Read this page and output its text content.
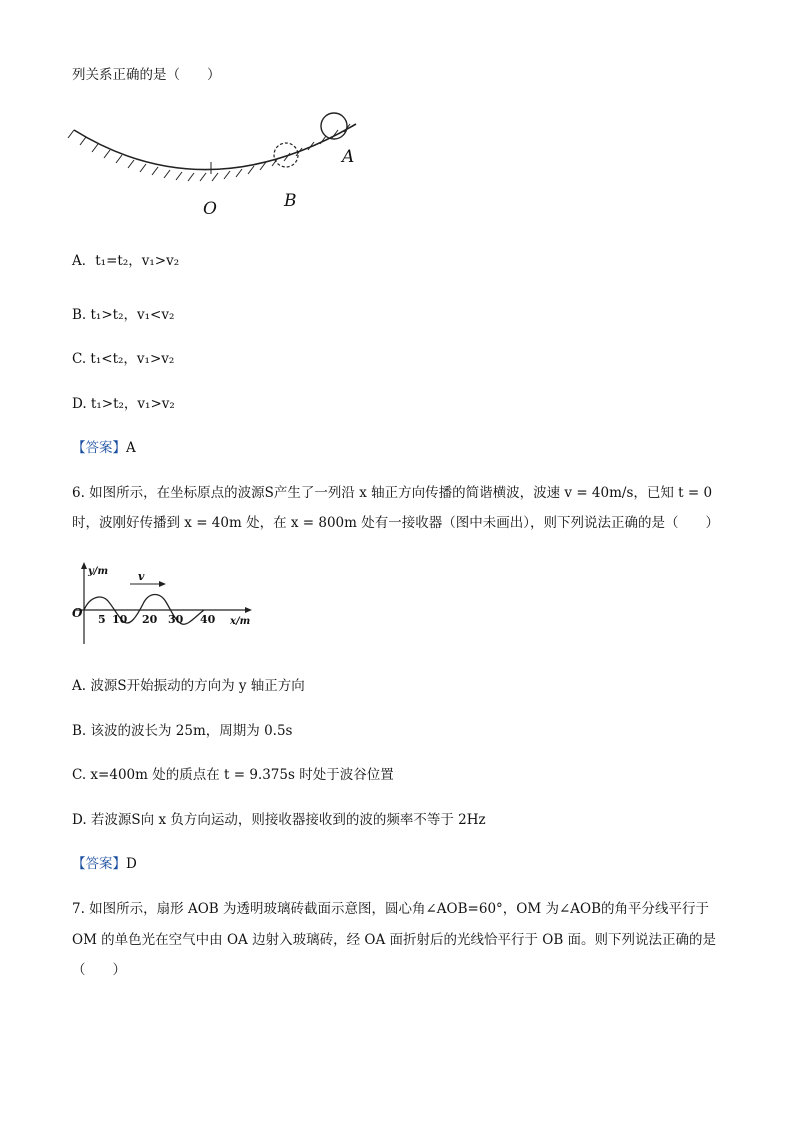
列关系正确的是（　　）
A
B
O
A．t₁=t₂，v₁>v₂
B. t₁>t₂，v₁<v₂
C. t₁<t₂，v₁>v₂
D. t₁>t₂，v₁>v₂
【答案】A
6. 如图所示，在坐标原点的波源S产生了一列沿 x 轴正方向传播的简谐横波，波速 v = 40m/s，已知 t = 0
时，波刚好传播到 x = 40m 处，在 x = 800m 处有一接收器（图中未画出），则下列说法正确的是（　　）
y/m
x/m
O
v
5 10 20 30 40
A. 波源S开始振动的方向为 y 轴正方向
B. 该波的波长为 25m，周期为 0.5s
C. x=400m 处的质点在 t = 9.375s 时处于波谷位置
D. 若波源S向 x 负方向运动，则接收器接收到的波的频率不等于 2Hz
【答案】D
7. 如图所示，扇形 AOB 为透明玻璃砖截面示意图，圆心角∠AOB=60°，OM 为∠AOB的角平分线平行于
OM 的单色光在空气中由 OA 边射入玻璃砖，经 OA 面折射后的光线恰平行于 OB 面。则下列说法正确的是
（　　）
